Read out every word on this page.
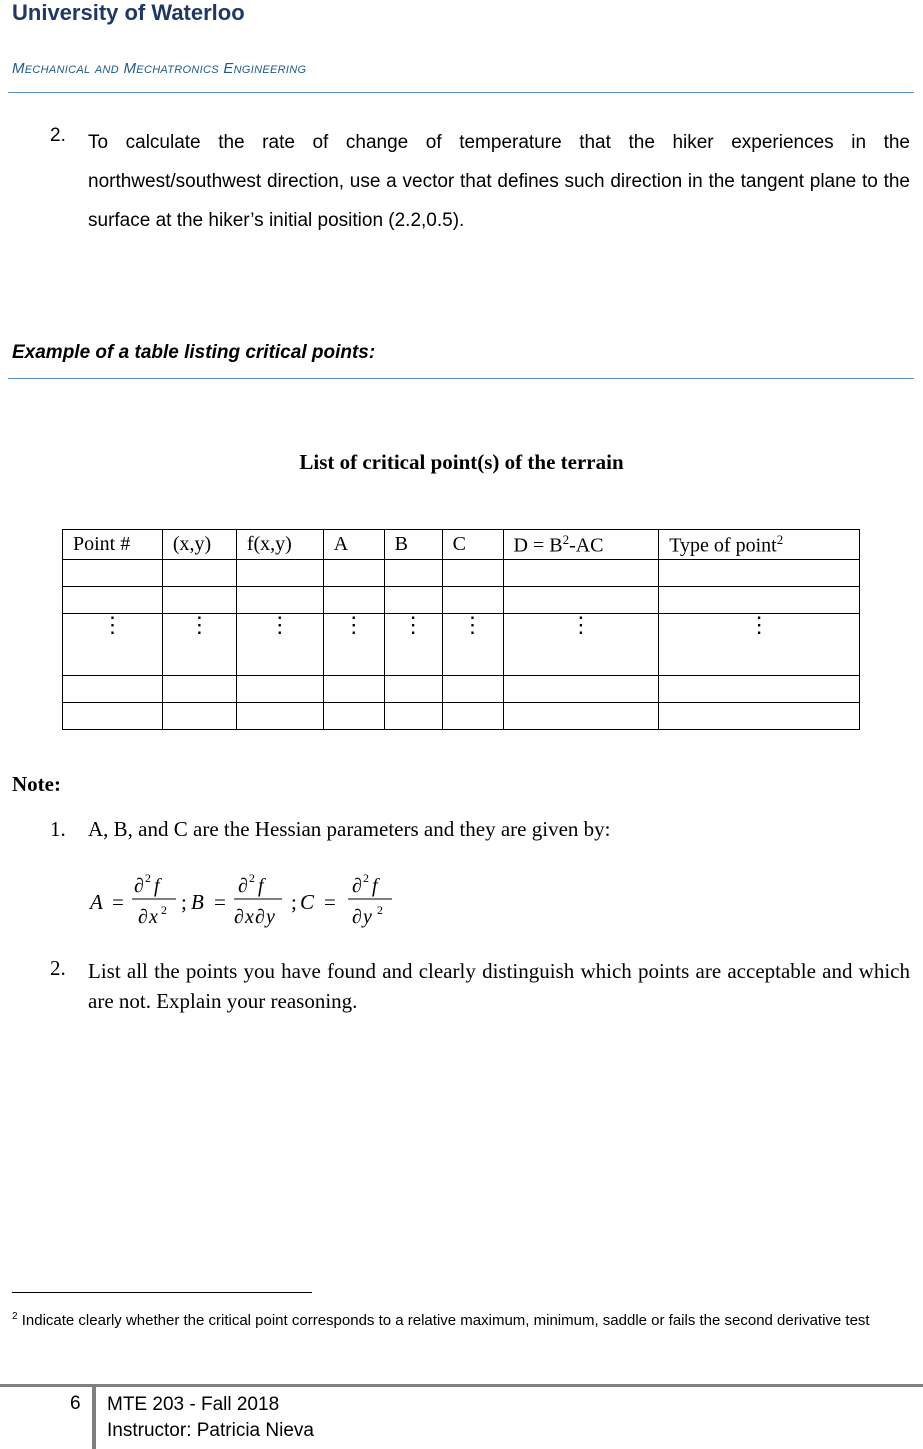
University of Waterloo
Mechanical and Mechatronics Engineering
2. To calculate the rate of change of temperature that the hiker experiences in the northwest/southwest direction, use a vector that defines such direction in the tangent plane to the surface at the hiker’s initial position (2.2,0.5).
Example of a table listing critical points:
List of critical point(s) of the terrain
Point #	(x,y)	f(x,y)	A	B	C	$D = B^2-AC$	Type of point$^2$

⋮	⋮	⋮	⋮	⋮	⋮	⋮	⋮

Note:
1. A, B, and C are the Hessian parameters and they are given by:
A =
∂ 2 f
∂ x 2 ; B =
∂ 2 f
∂ x ∂ y
; C =
∂ 2 f
∂ y 2
2. List all the points you have found and clearly distinguish which points are acceptable and which are not. Explain your reasoning.
$^2$ Indicate clearly whether the critical point corresponds to a relative maximum, minimum, saddle or fails the second derivative test
6 MTE 203 - Fall 2018
Instructor: Patricia Nieva
